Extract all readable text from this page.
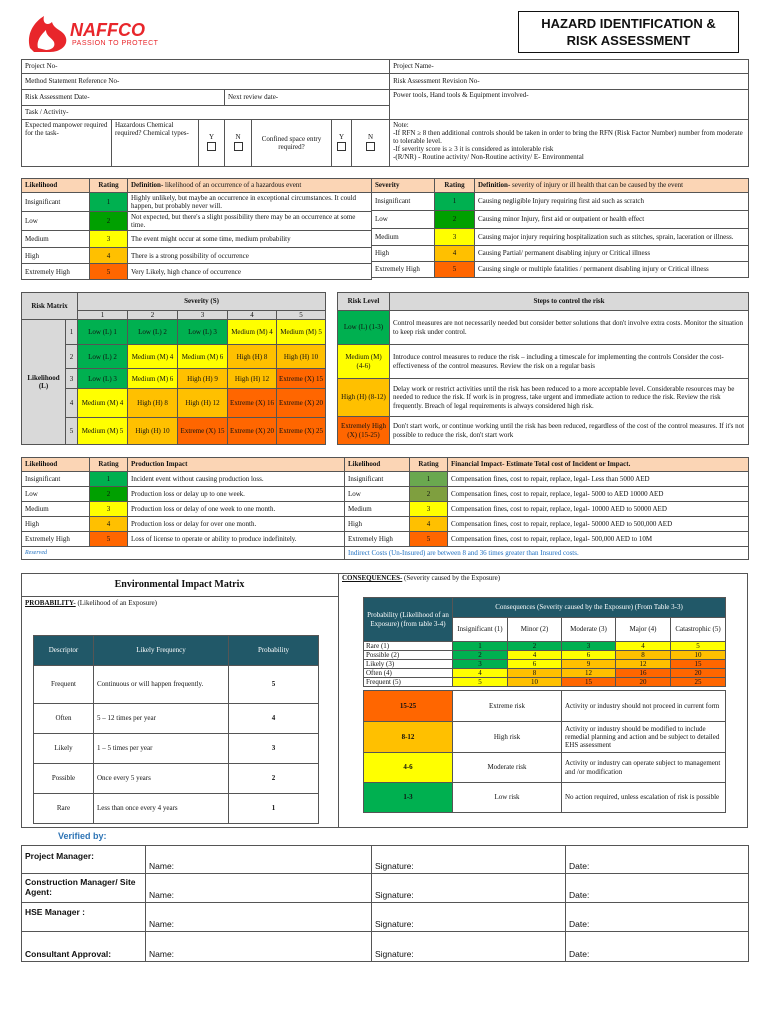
NAFFCO
PASSION TO PROTECT
HAZARD IDENTIFICATION &
RISK ASSESSMENT
Project No-							Project Name-
Method Statement Reference No-							Risk Assessment Revision No-
Risk Assessment Date-			Next review date-				Power tools, Hand tools & Equipment involved-
Task / Activity-							
Expected manpower required for the task-	Hazardous Chemical required? Chemical types-	Y	N	Confined space entry required?	Y	N	Note:
-If RFN ≥ 8 then additional controls should be taken in order to bring the RFN (Risk Factor Number) number from moderate to tolerable level.
-If severity score is ≥ 3 it is considered as intolerable risk
-(R/NR) - Routine activity/ Non-Routine activity/ E- Environmental
Likelihood	Rating	Definition- likelihood of an occurrence of a hazardous event
Insignificant	1	Highly unlikely, but maybe an occurrence in exceptional circumstances. It could happen, but probably never will.
Low	2	Not expected, but there's a slight possibility there may be an occurrence at some time.
Medium	3	The event might occur at some time, medium probability
High	4	There is a strong possibility of occurrence
Extremely High	5	Very Likely, high chance of occurrence
Severity	Rating	Definition- severity of injury or ill health that can be caused by the event
Insignificant	1	Causing negligible Injury requiring first aid such as scratch
Low	2	Causing minor Injury, first aid or outpatient or health effect
Medium	3	Causing major injury requiring hospitalization such as stitches, sprain, laceration or illness.
High	4	Causing Partial/ permanent disabling injury or Critical illness
Extremely High	5	Causing single or multiple fatalities / permanent disabling injury or Critical illness
Risk Matrix		Severity (S)				
		1	2	3	4	5
Likelihood (L)	1	Low (L) 1	Low (L) 2	Low (L) 3	Medium (M) 4	Medium (M) 5
	2	Low (L) 2	Medium (M) 4	Medium (M) 6	High (H) 8	High (H) 10
	3	Low (L) 3	Medium (M) 6	High (H) 9	High (H) 12	Extreme (X) 15
	4	Medium (M) 4	High (H) 8	High (H) 12	Extreme (X) 16	Extreme (X) 20
	5	Medium (M) 5	High (H) 10	Extreme (X) 15	Extreme (X) 20	Extreme (X) 25
Risk Level	Steps to control the risk
Low (L) (1-3)	Control measures are not necessarily needed but consider better solutions that don't involve extra costs. Monitor the situation to keep risk under control.
Medium (M) (4-6)	Introduce control measures to reduce the risk – including a timescale for implementing the controls Consider the cost-effectiveness of the control measures. Review the risk on a regular basis
High (H) (8-12)	Delay work or restrict activities until the risk has been reduced to a more acceptable level. Considerable resources may be needed to reduce the risk. If work is in progress, take urgent and immediate action to reduce the risk. Review the risk frequently. Breach of legal requirements is always considered high risk.
Extremely High (X) (15-25)	Don't start work, or continue working until the risk has been reduced, regardless of the cost of the control measures. If it's not possible to reduce the risk, don't start work
Likelihood	Rating	Production Impact
Insignificant	1	Incident event without causing production loss.
Low	2	Production loss or delay up to one week.
Medium	3	Production loss or delay of one week to one month.
High	4	Production loss or delay for over one month.
Extremely High	5	Loss of license to operate or ability to produce indefinitely.
Reserved		
Likelihood	Rating	Financial Impact- Estimate Total cost of Incident or Impact.
Insignificant	1	Compensation fines, cost to repair, replace, legal- Less than 5000 AED
Low	2	Compensation fines, cost to repair, replace, legal- 5000 to AED 10000 AED
Medium	3	Compensation fines, cost to repair, replace, legal- 10000 AED to 50000 AED
High	4	Compensation fines, cost to repair, replace, legal- 50000 AED to 500,000 AED
Extremely High	5	Compensation fines, cost to repair, replace, legal- 500,000 AED to 10M
Indirect Costs (Un-Insured) are between 8 and 36 times greater than Insured costs.		
Environmental Impact Matrix
PROBABILITY- (Likelihood of an Exposure)
CONSEQUENCES- (Severity caused by the Exposure)
Descriptor	Likely Frequency	Probability
Frequent	Continuous or will happen frequently.	5
Often	5 – 12 times per year	4
Likely	1 – 5 times per year	3
Possible	Once every 5 years	2
Rare	Less than once every 4 years	1
Probability (Likelihood of an Exposure) (from table 3-4)	Consequences (Severity caused by the Exposure) (From Table 3-3)				
	Insignificant (1)	Minor (2)	Moderate (3)	Major (4)	Catastrophic (5)
Rare (1)	1	2	3	4	5
Possible (2)	2	4	6	8	10
Likely (3)	3	6	9	12	15
Often (4)	4	8	12	16	20
Frequent (5)	5	10	15	20	25
15-25	Extreme risk	Activity or industry should not proceed in current form
8-12	High risk	Activity or industry should be modified to include remedial planning and action and be subject to detailed EHS assessment
4-6	Moderate risk	Activity or industry can operate subject to management and /or modification
1-3	Low risk	No action required, unless escalation of risk is possible
Verified by:
Project Manager:	Name:	Signature:	Date:
Construction Manager/ Site Agent:	Name:	Signature:	Date:
HSE Manager :	Name:	Signature:	Date:
Consultant Approval:	Name:	Signature:	Date:
